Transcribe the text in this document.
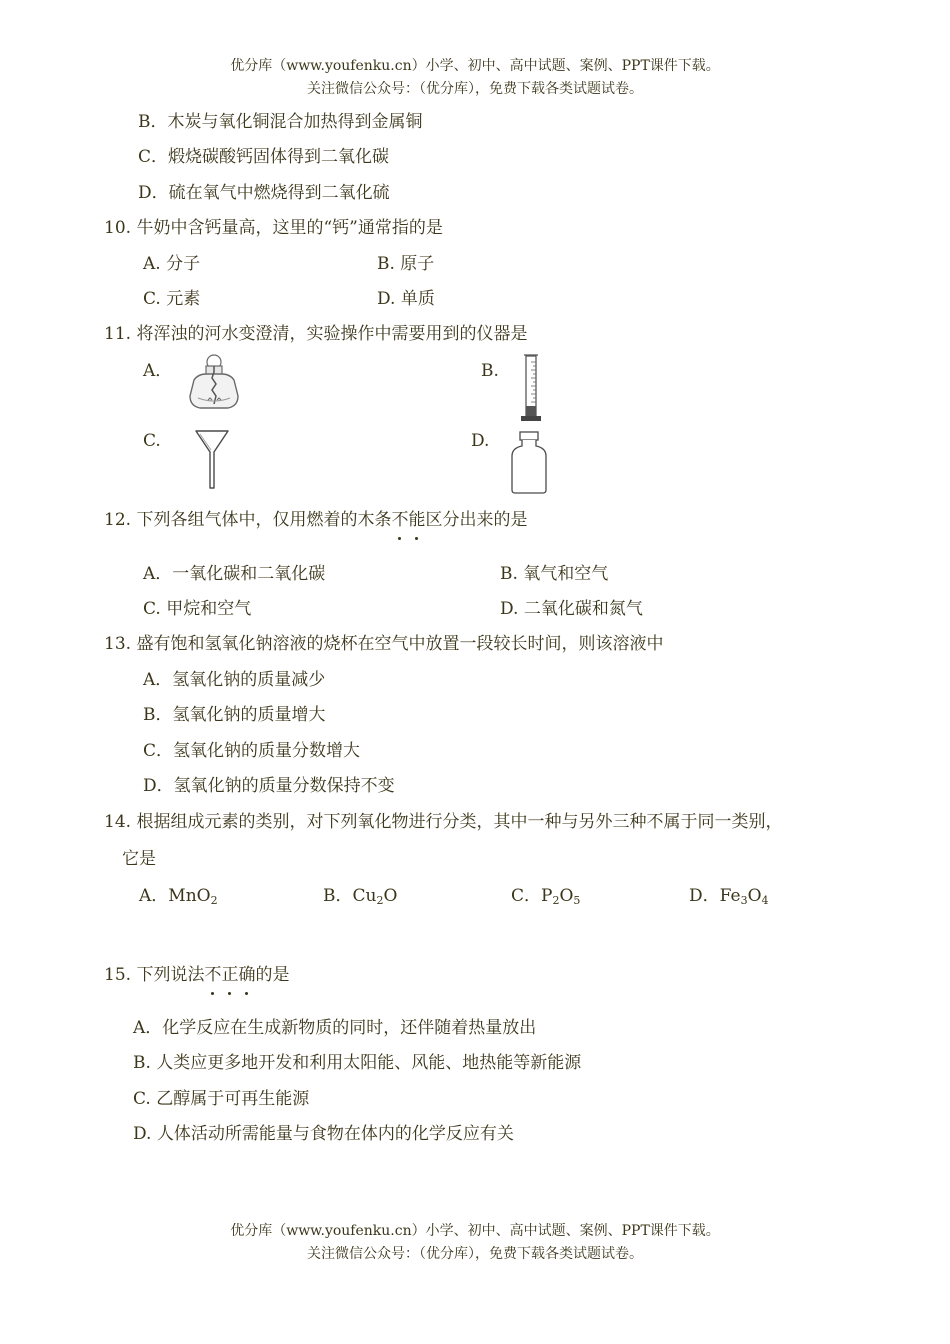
优分库（www.youfenku.cn）小学、初中、高中试题、案例、PPT课件下载。
关注微信公众号：（优分库），免费下载各类试题试卷。
B．木炭与氧化铜混合加热得到金属铜
C．煅烧碳酸钙固体得到二氧化碳
D．硫在氧气中燃烧得到二氧化硫
10. 牛奶中含钙量高，这里的“钙”通常指的是
A. 分子	B. 原子
C. 元素	D. 单质
11. 将浑浊的河水变澄清，实验操作中需要用到的仪器是
A．	B.
C.	D.
12. 下列各组气体中，仅用燃着的木条不能区分出来的是
A．一氧化碳和二氧化碳	B. 氧气和空气
C. 甲烷和空气	D. 二氧化碳和氮气
13. 盛有饱和氢氧化钠溶液的烧杯在空气中放置一段较长时间，则该溶液中
A．氢氧化钠的质量减少
B．氢氧化钠的质量增大
C．氢氧化钠的质量分数增大
D．氢氧化钠的质量分数保持不变
14. 根据组成元素的类别，对下列氧化物进行分类，其中一种与另外三种不属于同一类别，
它是
A．MnO$_2$	B．$Cu_2O$	C．$P_2O_5$	D．$Fe_3O_4$
15. 下列说法不正确的是
A．化学反应在生成新物质的同时，还伴随着热量放出
B. 人类应更多地开发和利用太阳能、风能、地热能等新能源
C. 乙醇属于可再生能源
D. 人体活动所需能量与食物在体内的化学反应有关
优分库（www.youfenku.cn）小学、初中、高中试题、案例、PPT课件下载。
关注微信公众号：（优分库），免费下载各类试题试卷。
